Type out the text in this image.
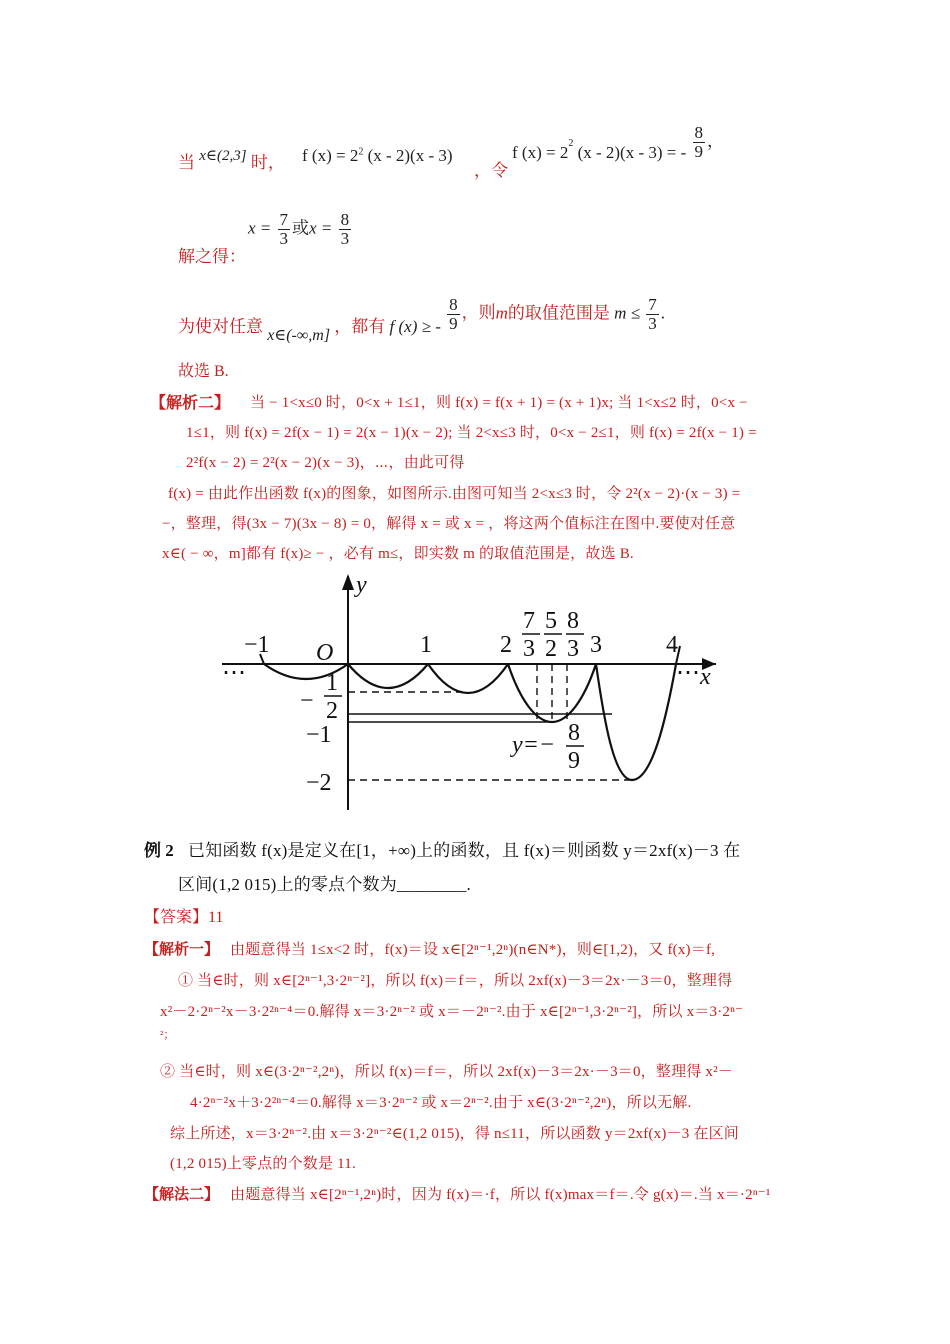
当 x∈(2,3] 时， f $(x) = 2^2$ (x - 2)(x - 3)
，令
f $(x) = 2^2$ (x - 2)(x - 3) = - $\frac{8}{9}$ ，
$x = \frac{7}{3}$ 或$x = \frac{8}{3}$
解之得：
为使对任意 x∈(-∞,m] ，都有 f (x) ≥ - $\frac{8}{9}$ ，则m的取值范围是 $m \le \frac{7}{3}$ .
故选 B.
【解析二】 当 − 1<x≤0 时，0<x + 1≤1，则 f(x) = f(x + 1) = (x + 1)x; 当 1<x≤2 时，0<x −
1≤1，则 f(x) = 2f(x − 1) = 2(x − 1)(x − 2); 当 2<x≤3 时，0<x − 2≤1，则 f(x) = 2f(x − 1) =
2²f(x − 2) = 2²(x − 2)(x − 3)，⋯，由此可得
f(x) = 由此作出函数 f(x)的图象，如图所示.由图可知当 2<x≤3 时，令 2²(x − 2)·(x − 3) =
−，整理，得(3x − 7)(3x − 8) = 0，解得 x = 或 x = ，将这两个值标注在图中.要使对任意
x∈( − ∞，m]都有 f(x)≥ − ，必有 m≤，即实数 m 的取值范围是，故选 B.
x
y
O
−1	1	2	3	4
⋯	⋯
7
3
5
2
8
3
−
1
2
−1
−2
y=− 8
9
例 2 已知函数 f(x)是定义在[1，+∞)上的函数，且 f(x)＝则函数 y＝2xf(x)－3 在
区间(1,2 015)上的零点个数为________.
【答案】11
【解析一】 由题意得当 1≤x<2 时，f(x)＝设 x∈[2ⁿ⁻¹,2ⁿ)(n∈N*)，则∈[1,2)，又 f(x)＝f,
① 当∈时，则 x∈[2ⁿ⁻¹,3·2ⁿ⁻²]，所以 f(x)＝f＝，所以 2xf(x)－3＝2x·－3＝0，整理得
x²－2·2ⁿ⁻²x－3·2²ⁿ⁻⁴＝0.解得 x＝3·2ⁿ⁻² 或 x＝－2ⁿ⁻².由于 x∈[2ⁿ⁻¹,3·2ⁿ⁻²]，所以 x＝3·2ⁿ⁻
²；
② 当∈时，则 x∈(3·2ⁿ⁻²,2ⁿ)，所以 f(x)＝f＝，所以 2xf(x)－3＝2x·－3＝0，整理得 x²－
4·2ⁿ⁻²x＋3·2²ⁿ⁻⁴＝0.解得 x＝3·2ⁿ⁻² 或 x＝2ⁿ⁻².由于 x∈(3·2ⁿ⁻²,2ⁿ)，所以无解.
综上所述，x＝3·2ⁿ⁻².由 x＝3·2ⁿ⁻²∈(1,2 015)，得 n≤11，所以函数 y＝2xf(x)－3 在区间
(1,2 015)上零点的个数是 11.
【解法二】 由题意得当 x∈[2ⁿ⁻¹,2ⁿ)时，因为 f(x)＝·f，所以 f(x)max＝f＝.令 g(x)＝.当 x＝·2ⁿ⁻¹
